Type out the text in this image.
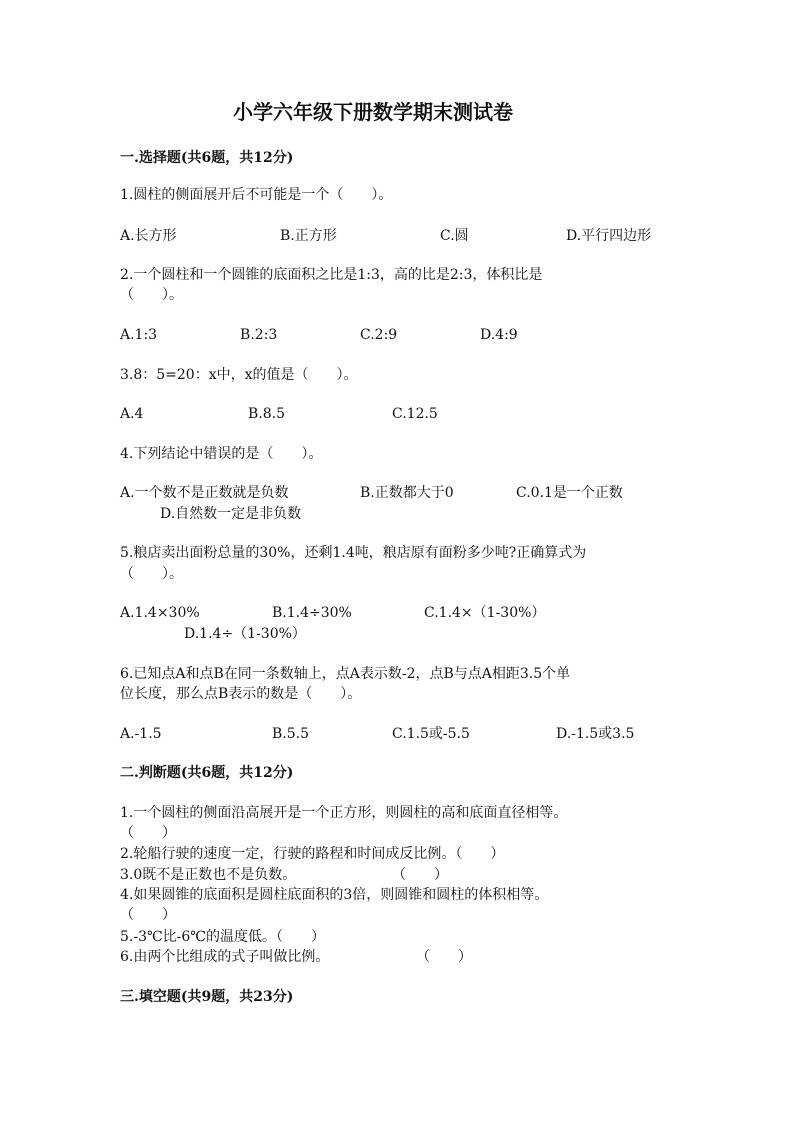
小学六年级下册数学期末测试卷
一.选择题(共6题，共12分)
1.圆柱的侧面展开后不可能是一个（　　）。
A.长方形	B.正方形	C.圆	D.平行四边形
2.一个圆柱和一个圆锥的底面积之比是1:3，高的比是2:3，体积比是
（　　）。
A.1:3	B.2:3	C.2:9	D.4:9
3.8：5=20：x中，x的值是（　　）。
A.4	B.8.5	C.12.5
4.下列结论中错误的是（　　）。
A.一个数不是正数就是负数	B.正数都大于0	C.0.1是一个正数
D.自然数一定是非负数
5.粮店卖出面粉总量的30%，还剩1.4吨，粮店原有面粉多少吨?正确算式为
（　　）。
A.1.4×30%	B.1.4÷30%	C.1.4×（1-30%）
D.1.4÷（1-30%）
6.已知点A和点B在同一条数轴上，点A表示数-2，点B与点A相距3.5个单
位长度，那么点B表示的数是（　　）。
A.-1.5	B.5.5	C.1.5或-5.5	D.-1.5或3.5
二.判断题(共6题，共12分)
1.一个圆柱的侧面沿高展开是一个正方形，则圆柱的高和底面直径相等。
（　　）
2.轮船行驶的速度一定，行驶的路程和时间成反比例。（　　）
3.0既不是正数也不是负数。	（　　）
4.如果圆锥的底面积是圆柱底面积的3倍，则圆锥和圆柱的体积相等。
（　　）
5.-3℃比-6℃的温度低。（　　）
6.由两个比组成的式子叫做比例。	（　　）
三.填空题(共9题，共23分)
